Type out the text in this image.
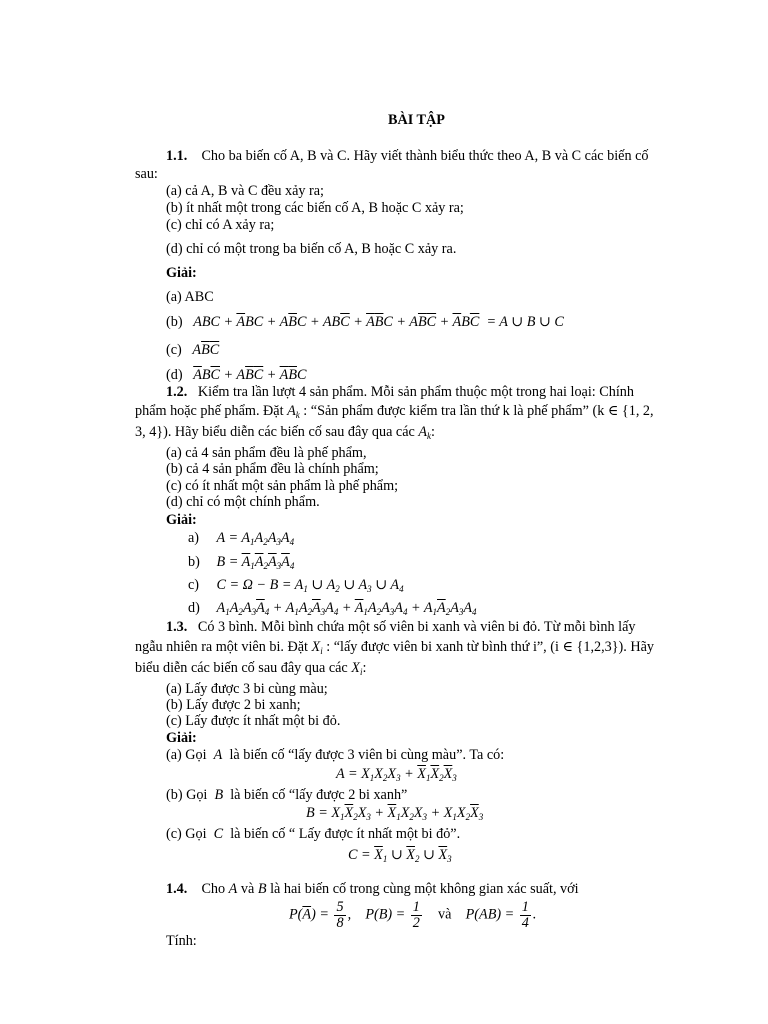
BÀI TẬP
1.1. Cho ba biến cố A, B và C. Hãy viết thành biểu thức theo A, B và C các biến cố
sau:
(a) cả A, B và C đều xảy ra;
(b) ít nhất một trong các biến cố A, B hoặc C xảy ra;
(c) chỉ có A xảy ra;
(d) chỉ có một trong ba biến cố A, B hoặc C xảy ra.
Giải:
(a) ABC
(b) ABC + $\overline{A}BC + A\overline{B}C + AB\overline{C} + \overline{A}\overline{B}C + A\overline{B}\overline{C} + \overline{A}B\overline{C} = A$ ∪ B ∪ C
(c) $A\overline{B}\overline{C}$
(d) $\overline{A}B\overline{C} + A\overline{B}\overline{C} + \overline{A}\overline{B}C$
1.2. Kiểm tra lần lượt 4 sản phẩm. Mỗi sản phẩm thuộc một trong hai loại: Chính
phẩm hoặc phế phẩm. Đặt $A_k$ : “Sản phẩm được kiểm tra lần thứ k là phế phẩm” (k ∈ {1, 2,
3, 4}). Hãy biểu diễn các biến cố sau đây qua các $A_k$:
(a) cả 4 sản phẩm đều là phế phẩm,
(b) cả 4 sản phẩm đều là chính phẩm;
(c) có ít nhất một sản phẩm là phế phẩm;
(d) chỉ có một chính phẩm.
Giải:
a) $A = A_1A_2A_3A_4$
b) $B = \overline{A}_1\overline{A}_2\overline{A}_3\overline{A}_4$
c) $C = \Omega - B = A_1$ ∪ $A_2$ ∪ $A_3$ ∪ $A_4$
d) $A_1A_2A_3\overline{A}_4 + A_1A_2\overline{A}_3A_4 + \overline{A}_1A_2A_3A_4 + A_1\overline{A}_2A_3A_4$
1.3. Có 3 bình. Mỗi bình chứa một số viên bi xanh và viên bi đỏ. Từ mỗi bình lấy
ngẫu nhiên ra một viên bi. Đặt $X_i$ : “lấy được viên bi xanh từ bình thứ i”, (i ∈ {1,2,3}). Hãy
biểu diễn các biến cố sau đây qua các $X_i$:
(a) Lấy được 3 bi cùng màu;
(b) Lấy được 2 bi xanh;
(c) Lấy được ít nhất một bi đỏ.
Giải:
(a) Gọi  A  là biến cố “lấy được 3 viên bi cùng màu”. Ta có:
$A = X_1X_2X_3 + \overline{X}_1\overline{X}_2\overline{X}_3$
(b) Gọi  B  là biến cố “lấy được 2 bi xanh”
$B = X_1\overline{X}_2X_3 + \overline{X}_1X_2X_3 + X_1X_2\overline{X}_3$
(c) Gọi  C  là biến cố “ Lấy được ít nhất một bi đỏ”.
$C = \overline{X}_1$ ∪ $\overline{X}_2$ ∪ $\overline{X}_3$
1.4. Cho A và B là hai biến cố trong cùng một không gian xác suất, với
$P(\overline{A}) = \frac{5}{8}$ ,    $P(B) = \frac{1}{2}$ và    $P(AB) = \frac{1}{4}$ .
Tính:
